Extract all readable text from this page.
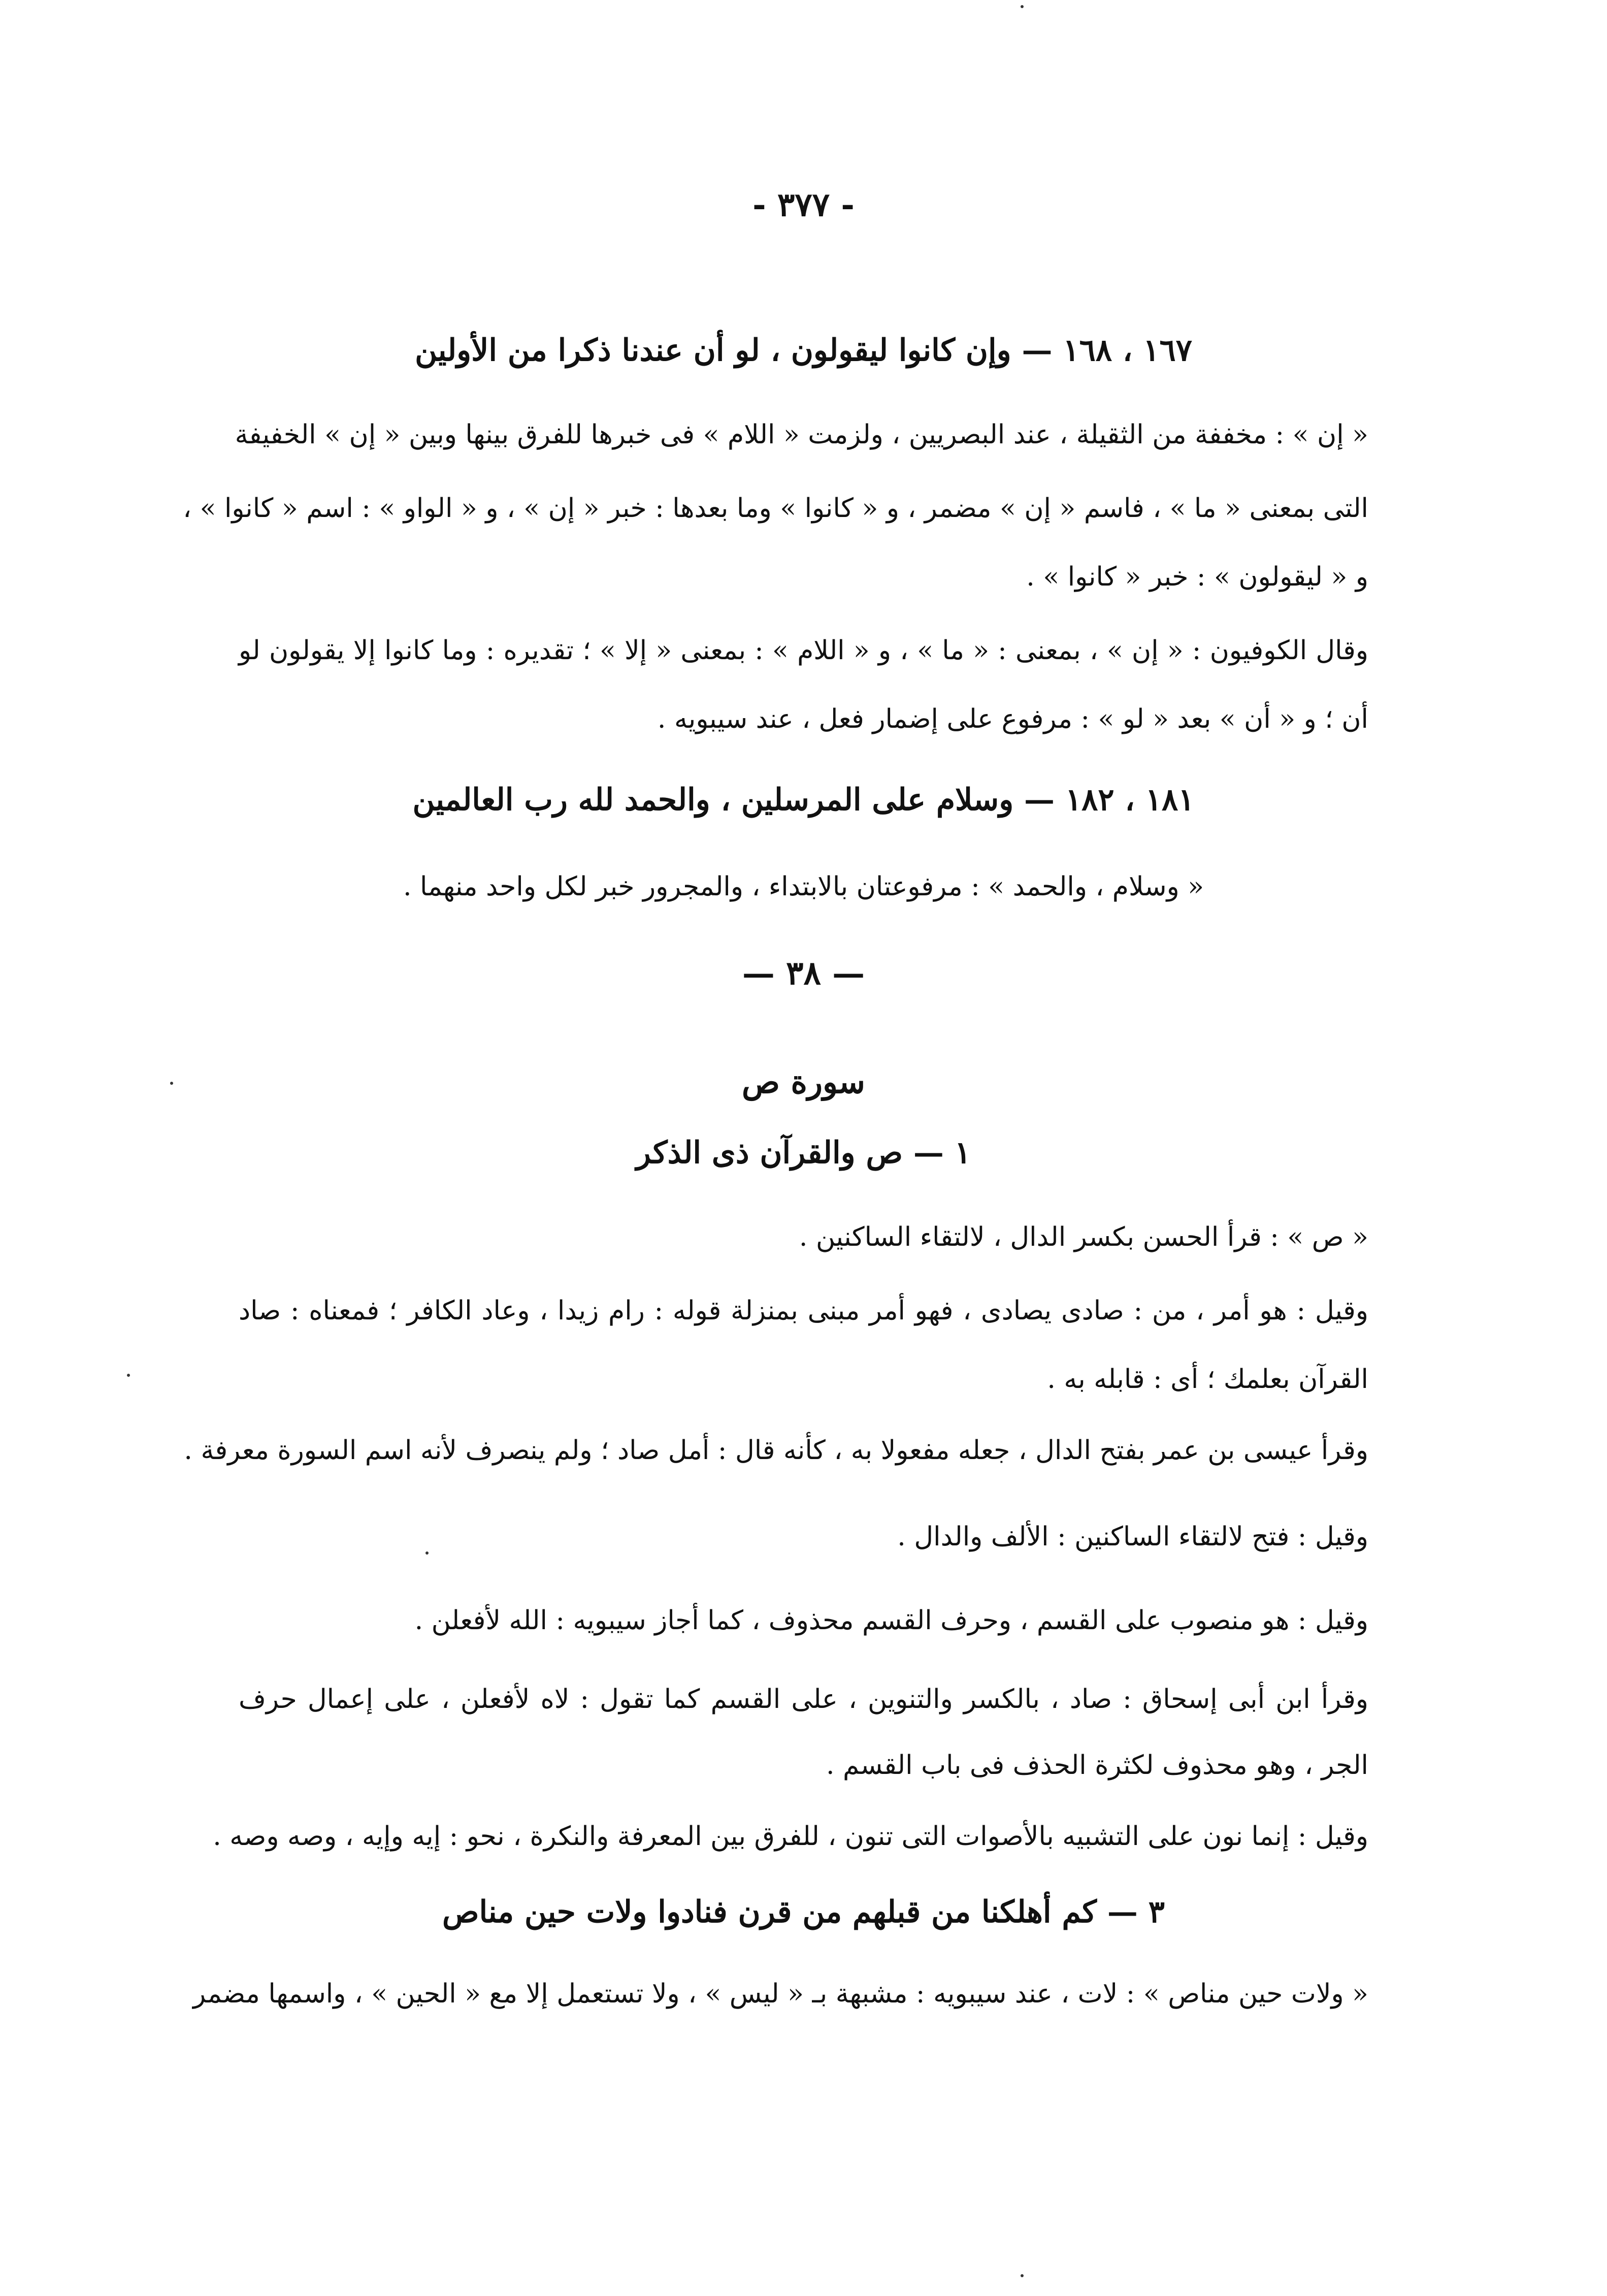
- ٣٧٧ -
١٦٧ ، ١٦٨ — وإن كانوا ليقولون ، لو أن عندنا ذكرا من الأولين
« إن » : مخففة من الثقيلة ، عند البصريين ، ولزمت « اللام » فى خبرها للفرق بينها وبين « إن » الخفيفة
التى بمعنى « ما » ، فاسم « إن » مضمر ، و « كانوا » وما بعدها : خبر « إن » ، و « الواو » : اسم « كانوا » ،
و « ليقولون » : خبر « كانوا » .
وقال الكوفيون : « إن » ، بمعنى : « ما » ، و « اللام » : بمعنى « إلا » ؛ تقديره : وما كانوا إلا يقولون لو
أن ؛ و « أن » بعد « لو » : مرفوع على إضمار فعل ، عند سيبويه .
١٨١ ، ١٨٢ — وسلام على المرسلين ، والحمد لله رب العالمين
« وسلام ، والحمد » : مرفوعتان بالابتداء ، والمجرور خبر لكل واحد منهما .
— ٣٨ —
سورة ص
١ — ص والقرآن ذى الذكر
« ص » : قرأ الحسن بكسر الدال ، لالتقاء الساكنين .
وقيل : هو أمر ، من : صادى يصادى ، فهو أمر مبنى بمنزلة قوله : رام زيدا ، وعاد الكافر ؛ فمعناه : صاد
القرآن بعلمك ؛ أى : قابله به .
وقرأ عيسى بن عمر بفتح الدال ، جعله مفعولا به ، كأنه قال : أمل صاد ؛ ولم ينصرف لأنه اسم السورة معرفة .
وقيل : فتح لالتقاء الساكنين : الألف والدال .
وقيل : هو منصوب على القسم ، وحرف القسم محذوف ، كما أجاز سيبويه : الله لأفعلن .
وقرأ ابن أبى إسحاق : صاد ، بالكسر والتنوين ، على القسم كما تقول : لاه لأفعلن ، على إعمال حرف
الجر ، وهو محذوف لكثرة الحذف فى باب القسم .
وقيل : إنما نون على التشبيه بالأصوات التى تنون ، للفرق بين المعرفة والنكرة ، نحو : إيه وإيه ، وصه وصه .
٣ — كم أهلكنا من قبلهم من قرن فنادوا ولات حين مناص
« ولات حين مناص » : لات ، عند سيبويه : مشبهة بـ « ليس » ، ولا تستعمل إلا مع « الحين » ، واسمها مضمر
